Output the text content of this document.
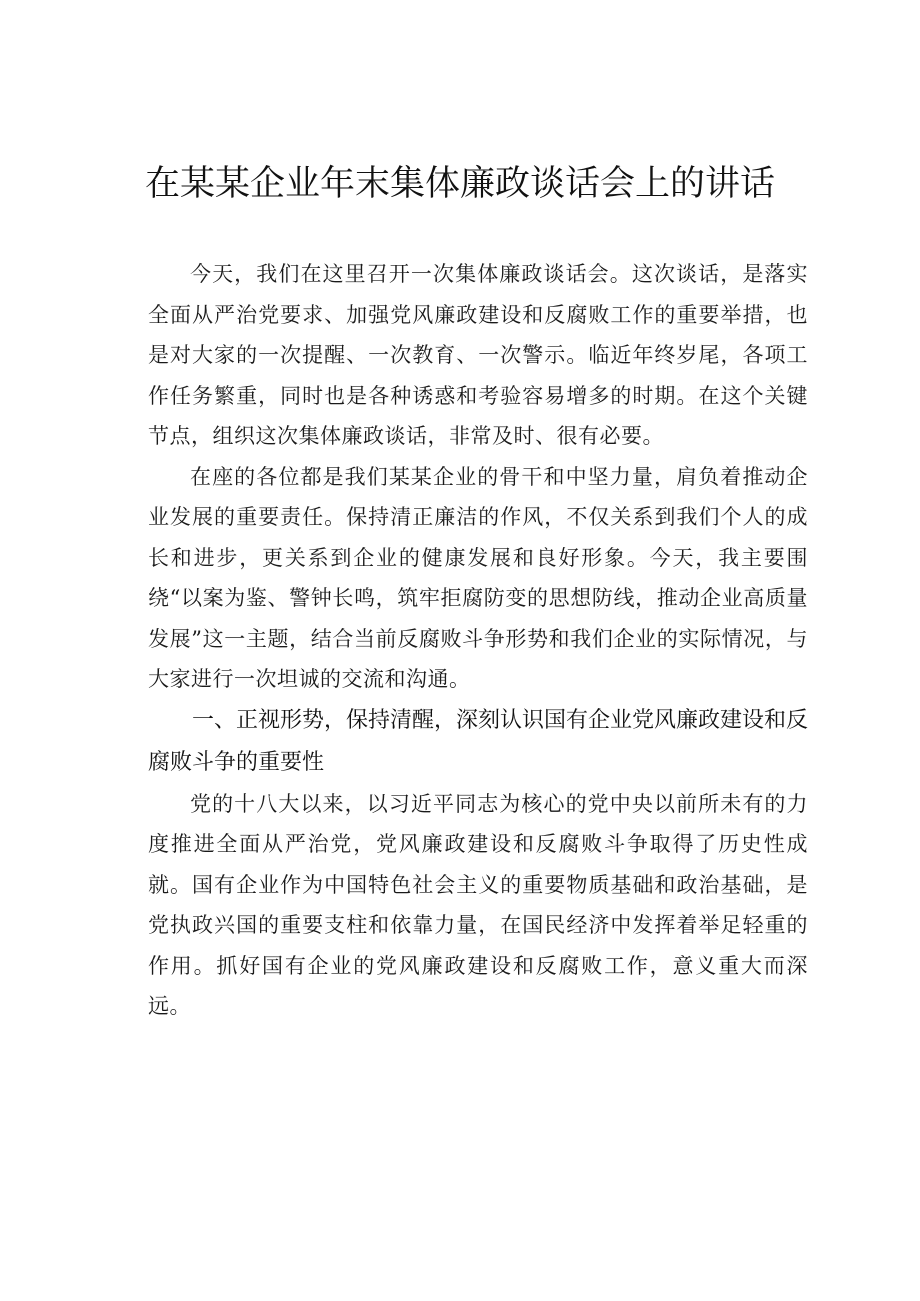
在某某企业年末集体廉政谈话会上的讲话

今天，我们在这里召开一次集体廉政谈话会。这次谈话，是落实全面从严治党要求、加强党风廉政建设和反腐败工作的重要举措，也是对大家的一次提醒、一次教育、一次警示。临近年终岁尾，各项工作任务繁重，同时也是各种诱惑和考验容易增多的时期。在这个关键节点，组织这次集体廉政谈话，非常及时、很有必要。

在座的各位都是我们某某企业的骨干和中坚力量，肩负着推动企业发展的重要责任。保持清正廉洁的作风，不仅关系到我们个人的成长和进步，更关系到企业的健康发展和良好形象。今天，我主要围绕“以案为鉴、警钟长鸣，筑牢拒腐防变的思想防线，推动企业高质量发展”这一主题，结合当前反腐败斗争形势和我们企业的实际情况，与大家进行一次坦诚的交流和沟通。

一、正视形势，保持清醒，深刻认识国有企业党风廉政建设和反腐败斗争的重要性

党的十八大以来，以习近平同志为核心的党中央以前所未有的力度推进全面从严治党，党风廉政建设和反腐败斗争取得了历史性成就。国有企业作为中国特色社会主义的重要物质基础和政治基础，是党执政兴国的重要支柱和依靠力量，在国民经济中发挥着举足轻重的作用。抓好国有企业的党风廉政建设和反腐败工作，意义重大而深远。
